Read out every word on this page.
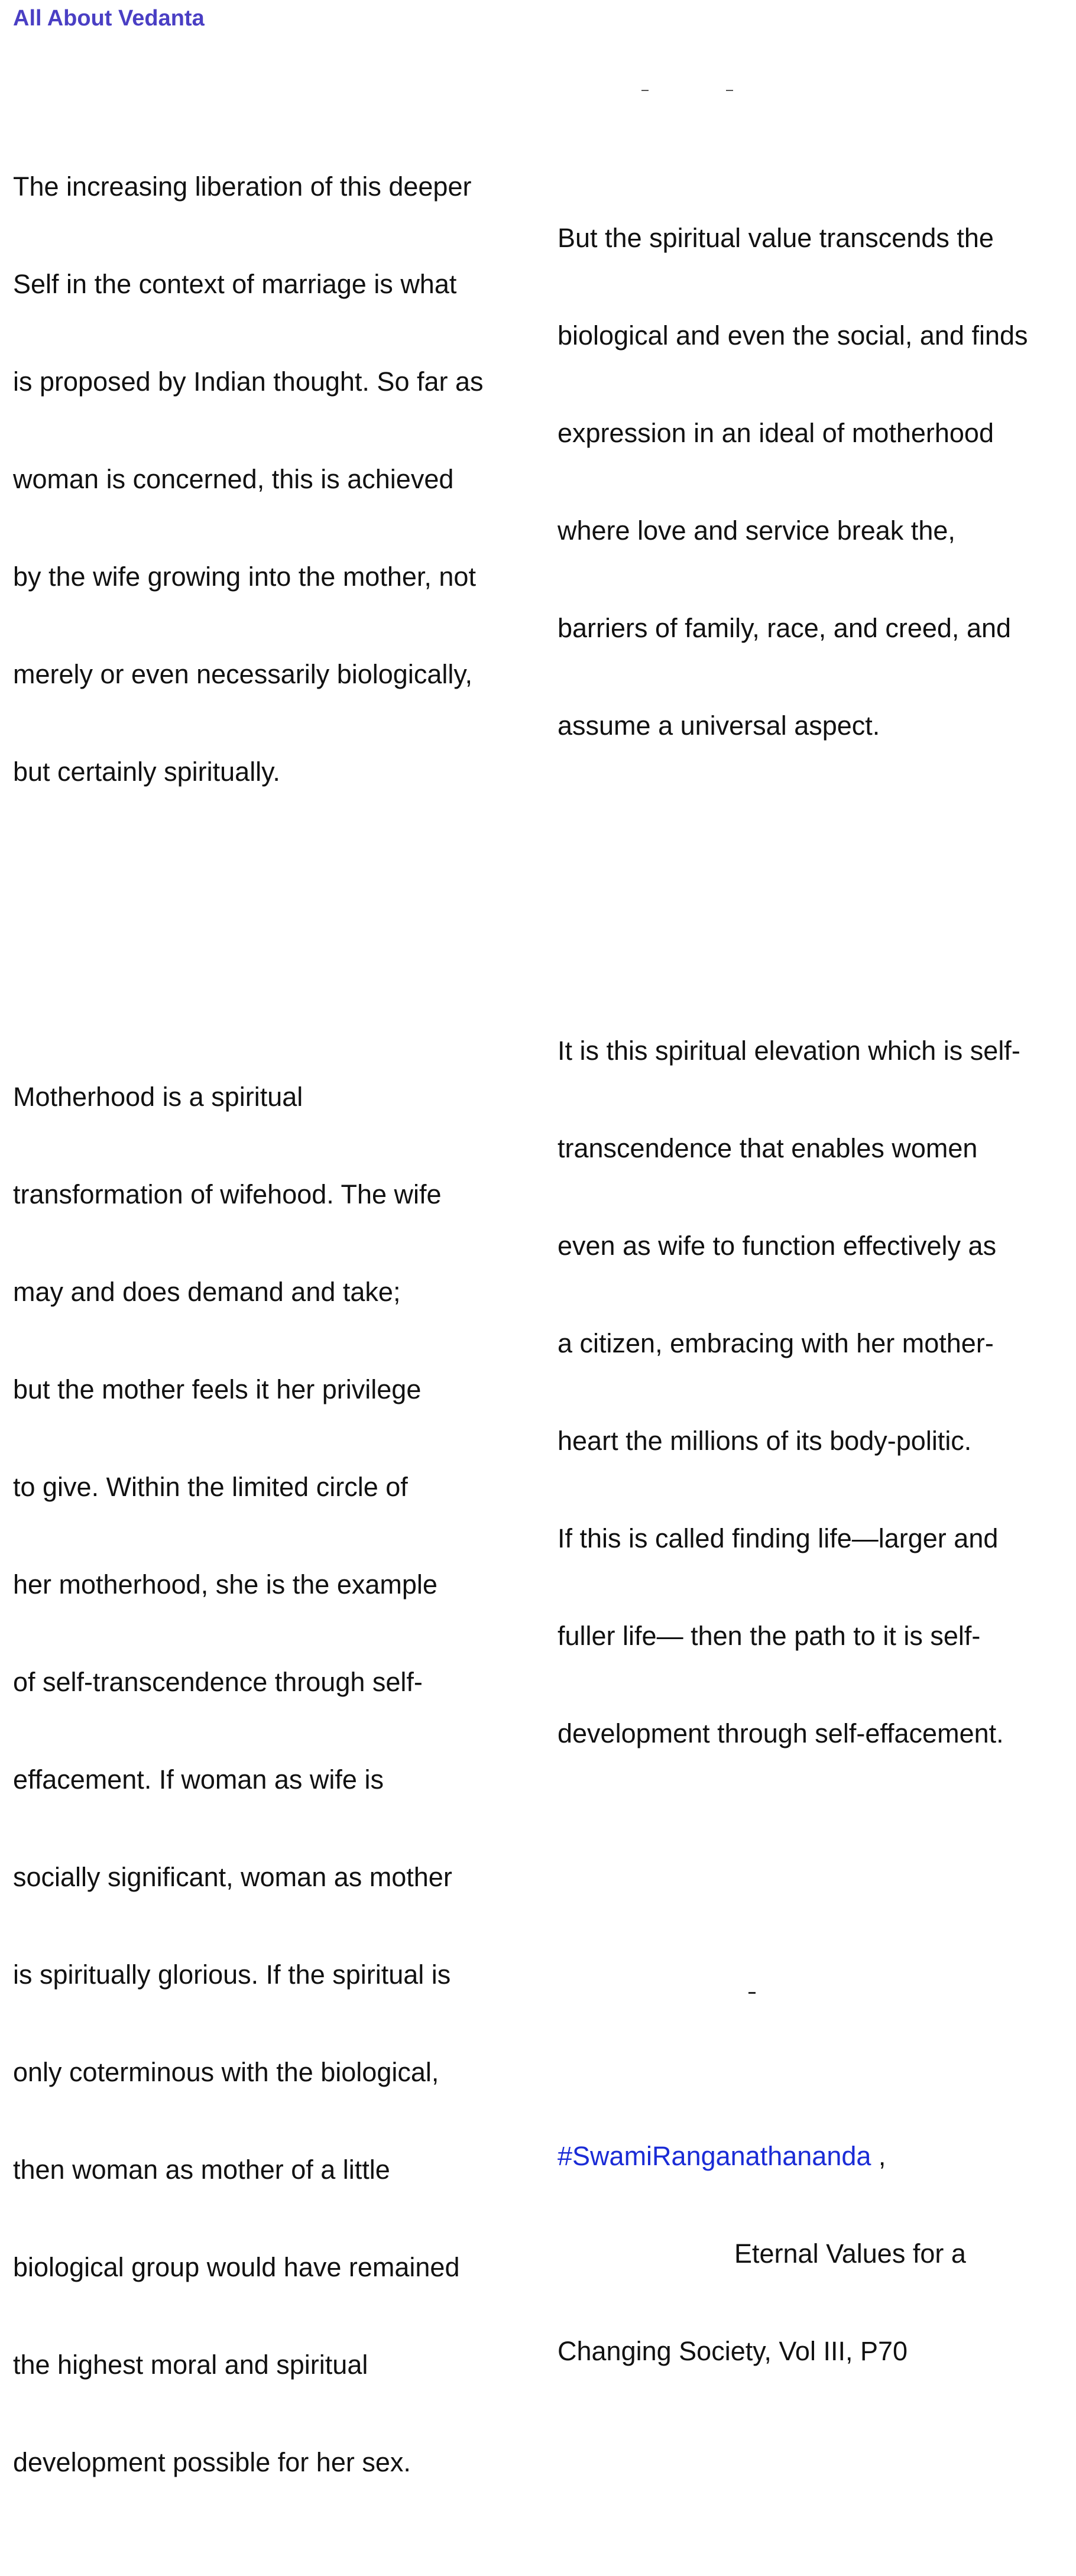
All About Vedanta

The increasing liberation of this deeper

Self in the context of marriage is what

is proposed by Indian thought. So far as

woman is concerned, this is achieved

by the wife growing into the mother, not

merely or even necessarily biologically,

but certainly spiritually.

Motherhood is a spiritual

transformation of wifehood. The wife

may and does demand and take;

but the mother feels it her privilege

to give. Within the limited circle of

her motherhood, she is the example

of self-transcendence through self-

effacement. If woman as wife is

socially significant, woman as mother

is spiritually glorious. If the spiritual is

only coterminous with the biological,

then woman as mother of a little

biological group would have remained

the highest moral and spiritual

development possible for her sex.

But the spiritual value transcends the

biological and even the social, and finds

expression in an ideal of motherhood

where love and service break the,

barriers of family, race, and creed, and

assume a universal aspect.

It is this spiritual elevation which is self-

transcendence that enables women

even as wife to function effectively as

a citizen, embracing with her mother-

heart the millions of its body-politic.

If this is called finding life—larger and

fuller life— then the path to it is self-

development through self-effacement.

#SwamiRanganathananda ,

Eternal Values for a

Changing Society, Vol III, P70
